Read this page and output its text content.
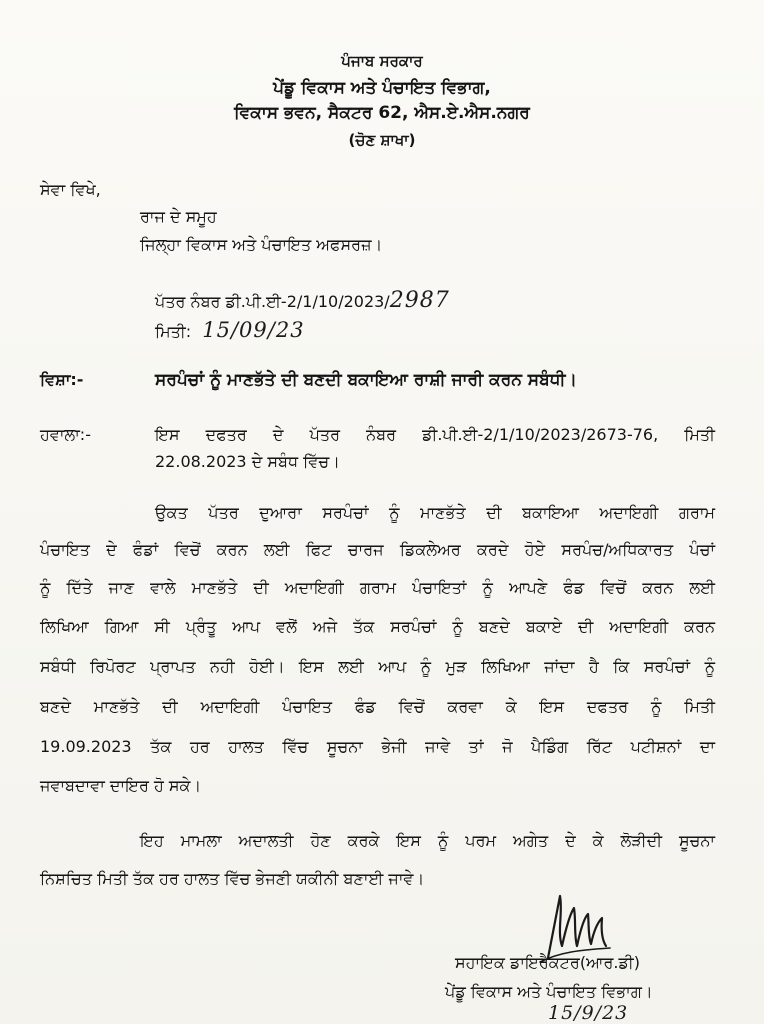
ਪੰਜਾਬ ਸਰਕਾਰ
ਪੇਂਡੂ ਵਿਕਾਸ ਅਤੇ ਪੰਚਾਇਤ ਵਿਭਾਗ,
ਵਿਕਾਸ ਭਵਨ, ਸੈਕਟਰ 62, ਐਸ.ਏ.ਐਸ.ਨਗਰ
(ਚੋਣ ਸ਼ਾਖਾ)
ਸੇਵਾ ਵਿਖੇ,
ਰਾਜ ਦੇ ਸਮੂਹ
ਜਿਲ੍ਹਾ ਵਿਕਾਸ ਅਤੇ ਪੰਚਾਇਤ ਅਫਸਰਜ਼।
ਪੱਤਰ ਨੰਬਰ ਡੀ.ਪੀ.ਈ-2/1/10/2023/2987
ਮਿਤੀ: 15/09/23
ਵਿਸ਼ਾ:-	ਸਰਪੰਚਾਂ ਨੂੰ ਮਾਣਭੱਤੇ ਦੀ ਬਣਦੀ ਬਕਾਇਆ ਰਾਸ਼ੀ ਜਾਰੀ ਕਰਨ ਸਬੰਧੀ।
ਹਵਾਲਾ:-	ਇਸ ਦਫਤਰ ਦੇ ਪੱਤਰ ਨੰਬਰ ਡੀ.ਪੀ.ਈ-2/1/10/2023/2673-76, ਮਿਤੀ
22.08.2023 ਦੇ ਸਬੰਧ ਵਿੱਚ।
ਉਕਤ ਪੱਤਰ ਦੁਆਰਾ ਸਰਪੰਚਾਂ ਨੂੰ ਮਾਣਭੱਤੇ ਦੀ ਬਕਾਇਆ ਅਦਾਇਗੀ ਗਰਾਮ
ਪੰਚਾਇਤ ਦੇ ਫੰਡਾਂ ਵਿਚੋਂ ਕਰਨ ਲਈ ਫਿਟ ਚਾਰਜ ਡਿਕਲੇਅਰ ਕਰਦੇ ਹੋਏ ਸਰਪੰਚ/ਅਧਿਕਾਰਤ ਪੰਚਾਂ
ਨੂੰ ਦਿੱਤੇ ਜਾਣ ਵਾਲੇ ਮਾਣਭੱਤੇ ਦੀ ਅਦਾਇਗੀ ਗਰਾਮ ਪੰਚਾਇਤਾਂ ਨੂੰ ਆਪਣੇ ਫੰਡ ਵਿਚੋਂ ਕਰਨ ਲਈ
ਲਿਖਿਆ ਗਿਆ ਸੀ ਪ੍ਰੰਤੂ ਆਪ ਵਲੋਂ ਅਜੇ ਤੱਕ ਸਰਪੰਚਾਂ ਨੂੰ ਬਣਦੇ ਬਕਾਏ ਦੀ ਅਦਾਇਗੀ ਕਰਨ
ਸਬੰਧੀ ਰਿਪੋਰਟ ਪ੍ਰਾਪਤ ਨਹੀ ਹੋਈ। ਇਸ ਲਈ ਆਪ ਨੂੰ ਮੁੜ ਲਿਖਿਆ ਜਾਂਦਾ ਹੈ ਕਿ ਸਰਪੰਚਾਂ ਨੂੰ
ਬਣਦੇ ਮਾਣਭੱਤੇ ਦੀ ਅਦਾਇਗੀ ਪੰਚਾਇਤ ਫੰਡ ਵਿਚੋਂ ਕਰਵਾ ਕੇ ਇਸ ਦਫਤਰ ਨੂੰ ਮਿਤੀ
19.09.2023 ਤੱਕ ਹਰ ਹਾਲਤ ਵਿੱਚ ਸੂਚਨਾ ਭੇਜੀ ਜਾਵੇ ਤਾਂ ਜੋ ਪੈਡਿੰਗ ਰਿੱਟ ਪਟੀਸ਼ਨਾਂ ਦਾ
ਜਵਾਬਦਾਵਾ ਦਾਇਰ ਹੋ ਸਕੇ।
ਇਹ ਮਾਮਲਾ ਅਦਾਲਤੀ ਹੋਣ ਕਰਕੇ ਇਸ ਨੂੰ ਪਰਮ ਅਗੇਤ ਦੇ ਕੇ ਲੋੜੀਦੀ ਸੂਚਨਾ
ਨਿਸ਼ਚਿਤ ਮਿਤੀ ਤੱਕ ਹਰ ਹਾਲਤ ਵਿੱਚ ਭੇਜਣੀ ਯਕੀਨੀ ਬਣਾਈ ਜਾਵੇ।
ਸਹਾਇਕ ਡਾਇਰੈਕਟਰ(ਆਰ.ਡੀ)
ਪੇਂਡੂ ਵਿਕਾਸ ਅਤੇ ਪੰਚਾਇਤ ਵਿਭਾਗ।
15/9/23
